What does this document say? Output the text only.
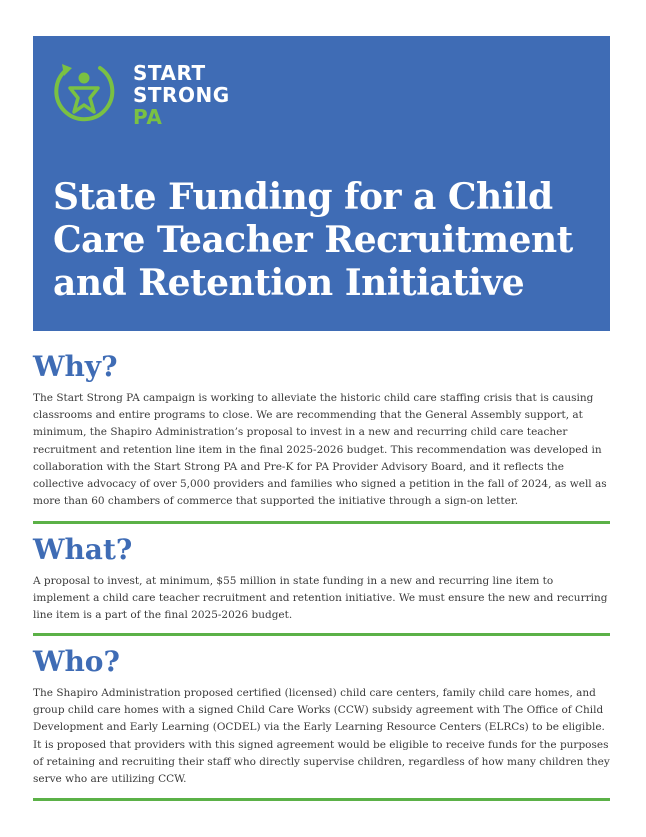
START
STRONG
PA
State Funding for a Child Care Teacher Recruitment and Retention Initiative
Why?

The Start Strong PA campaign is working to alleviate the historic child care staffing crisis that is causing classrooms and entire programs to close. We are recommending that the General Assembly support, at minimum, the Shapiro Administration’s proposal to invest in a new and recurring child care teacher recruitment and retention line item in the final 2025-2026 budget. This recommendation was developed in collaboration with the Start Strong PA and Pre-K for PA Provider Advisory Board, and it reflects the collective advocacy of over 5,000 providers and families who signed a petition in the fall of 2024, as well as more than 60 chambers of commerce that supported the initiative through a sign-on letter.

What?

A proposal to invest, at minimum, $55 million in state funding in a new and recurring line item to implement a child care teacher recruitment and retention initiative. We must ensure the new and recurring line item is a part of the final 2025-2026 budget.

Who?

The Shapiro Administration proposed certified (licensed) child care centers, family child care homes, and group child care homes with a signed Child Care Works (CCW) subsidy agreement with The Office of Child Development and Early Learning (OCDEL) via the Early Learning Resource Centers (ELRCs) to be eligible. It is proposed that providers with this signed agreement would be eligible to receive funds for the purposes of retaining and recruiting their staff who directly supervise children, regardless of how many children they serve who are utilizing CCW.
